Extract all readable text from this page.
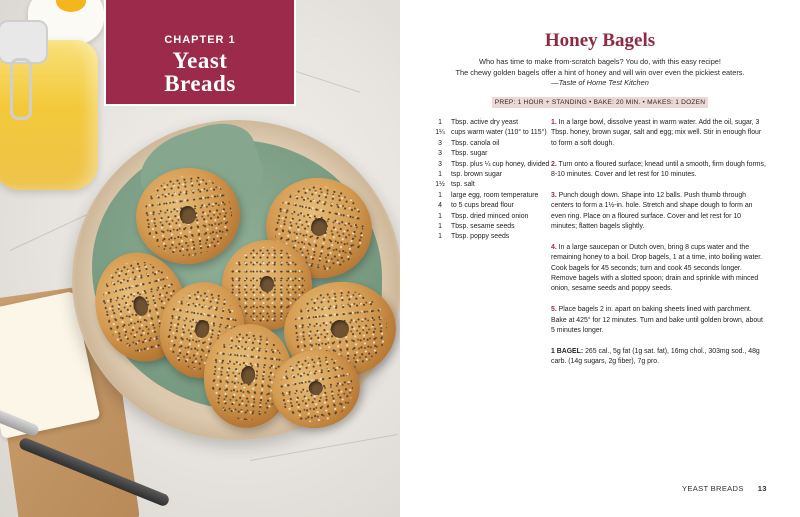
CHAPTER 1
Yeast
Breads
Honey Bagels
Who has time to make from-scratch bagels? You do, with this easy recipe!
The chewy golden bagels offer a hint of honey and will win over even the pickiest eaters.
—Taste of Home Test Kitchen
PREP: 1 HOUR + STANDING • BAKE: 20 MIN. • MAKES: 1 DOZEN
1	Tbsp. active dry yeast
1¼ cups warm water (110° to 115°)
3	Tbsp. canola oil
3	Tbsp. sugar
3	Tbsp. plus ¼ cup honey, divided
1	tsp. brown sugar
1½ tsp. salt
1	large egg, room temperature
4	to 5 cups bread flour
1	Tbsp. dried minced onion
1	Tbsp. sesame seeds
1	Tbsp. poppy seeds
1. In a large bowl, dissolve yeast in warm water. Add the oil, sugar, 3 Tbsp. honey, brown sugar, salt and egg; mix well. Stir in enough flour to form a soft dough.
2. Turn onto a floured surface; knead until a smooth, firm dough forms, 8-10 minutes. Cover and let rest for 10 minutes.
3. Punch dough down. Shape into 12 balls. Push thumb through centers to form a 1½-in. hole. Stretch and shape dough to form an even ring. Place on a floured surface. Cover and let rest for 10 minutes; flatten bagels slightly.
4. In a large saucepan or Dutch oven, bring 8 cups water and the remaining honey to a boil. Drop bagels, 1 at a time, into boiling water. Cook bagels for 45 seconds; turn and cook 45 seconds longer. Remove bagels with a slotted spoon; drain and sprinkle with minced onion, sesame seeds and poppy seeds.
5. Place bagels 2 in. apart on baking sheets lined with parchment. Bake at 425° for 12 minutes. Turn and bake until golden brown, about 5 minutes longer.
1 BAGEL: 265 cal., 5g fat (1g sat. fat), 16mg chol., 303mg sod., 48g carb. (14g sugars, 2g fiber), 7g pro.
YEAST BREADS 13
